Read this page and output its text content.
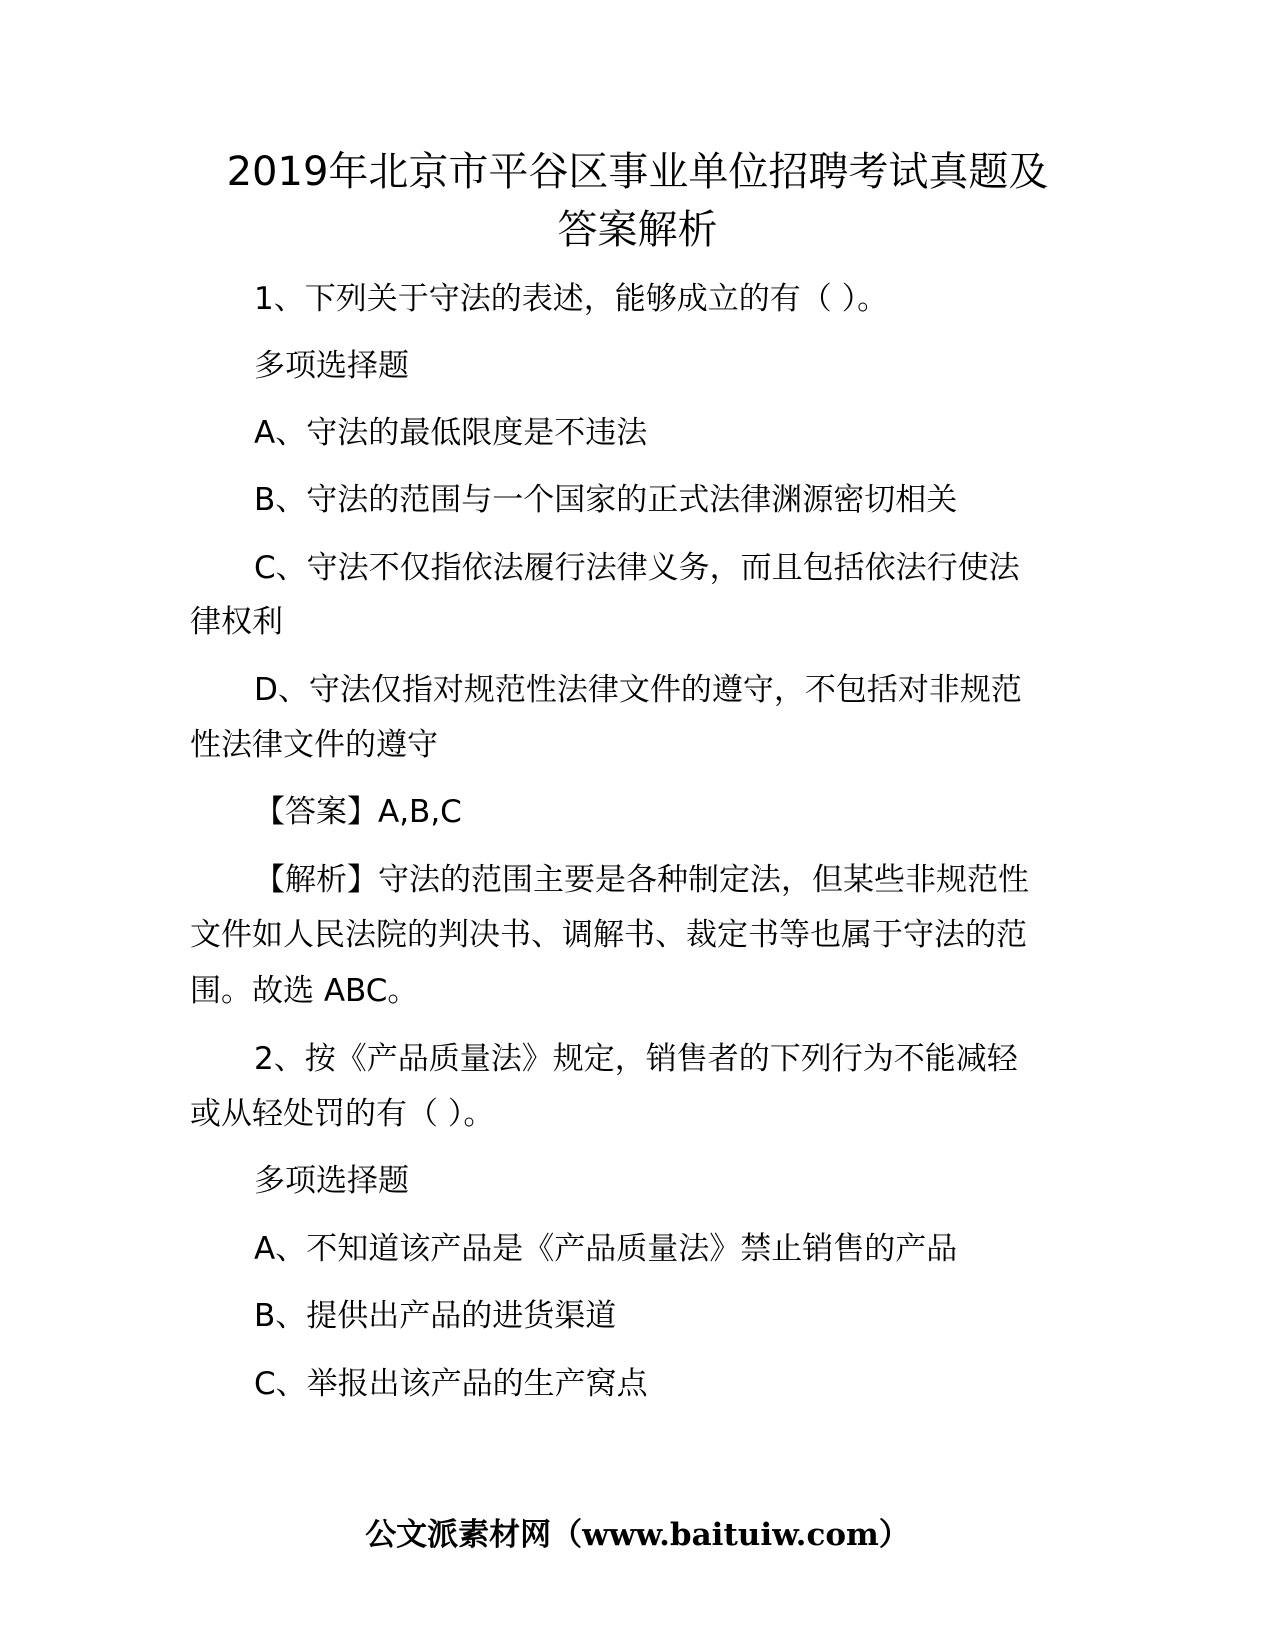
2019年北京市平谷区事业单位招聘考试真题及
答案解析
1、下列关于守法的表述，能够成立的有（ ）。
多项选择题
A、守法的最低限度是不违法
B、守法的范围与一个国家的正式法律渊源密切相关
C、守法不仅指依法履行法律义务，而且包括依法行使法
律权利
D、守法仅指对规范性法律文件的遵守，不包括对非规范
性法律文件的遵守
【答案】A,B,C
【解析】守法的范围主要是各种制定法，但某些非规范性
文件如人民法院的判决书、调解书、裁定书等也属于守法的范
围。故选 ABC。
2、按《产品质量法》规定，销售者的下列行为不能减轻
或从轻处罚的有（ ）。
多项选择题
A、不知道该产品是《产品质量法》禁止销售的产品
B、提供出产品的进货渠道
C、举报出该产品的生产窝点
公文派素材网（www.baituiw.com）
